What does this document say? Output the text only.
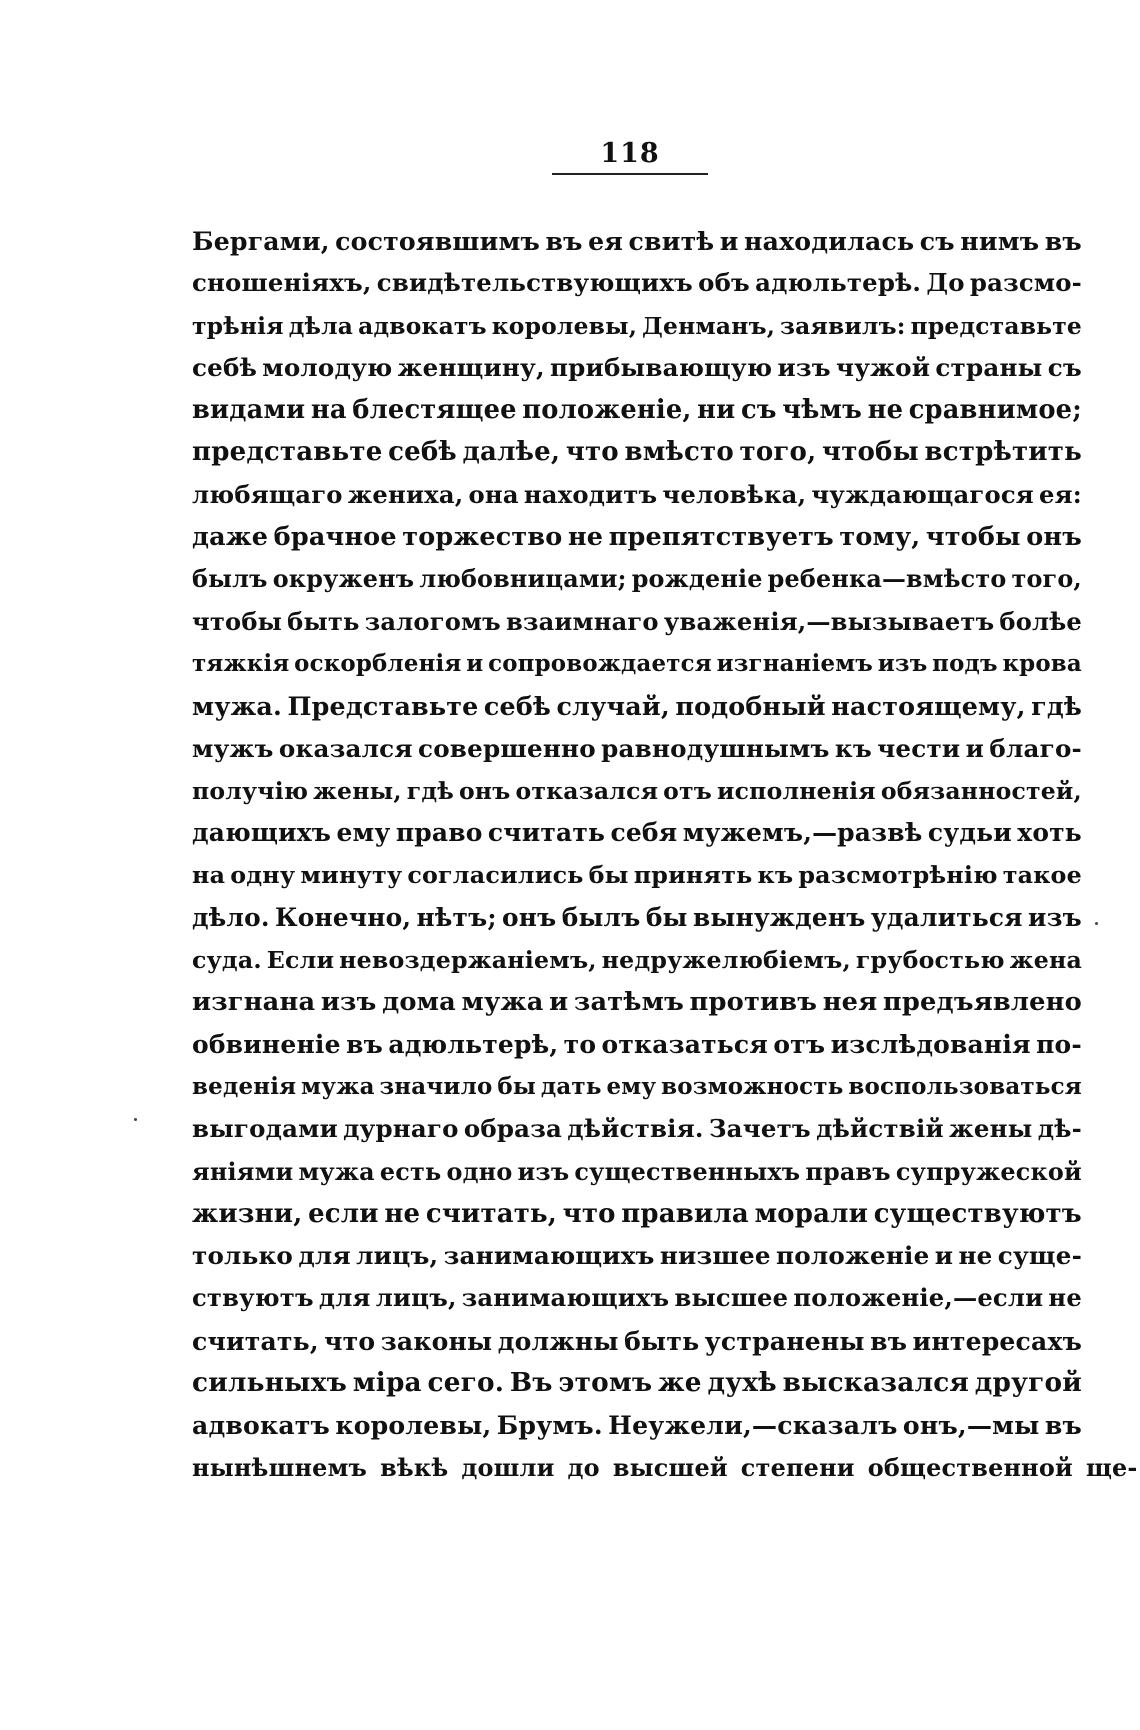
118
Бергами, состоявшимъ въ ея свитѣ и находилась съ нимъ въ
сношеніяхъ, свидѣтельствующихъ объ адюльтерѣ. До разсмо-
трѣнія дѣла адвокатъ королевы, Денманъ, заявилъ: представьте
себѣ молодую женщину, прибывающую изъ чужой страны съ
видами на блестящее положеніе, ни съ чѣмъ не сравнимое;
представьте себѣ далѣе, что вмѣсто того, чтобы встрѣтить
любящаго жениха, она находитъ человѣка, чуждающагося ея:
даже брачное торжество не препятствуетъ тому, чтобы онъ
былъ окруженъ любовницами; рожденіе ребенка—вмѣсто того,
чтобы быть залогомъ взаимнаго уваженія,—вызываетъ болѣе
тяжкія оскорбленія и сопровождается изгнаніемъ изъ подъ крова
мужа. Представьте себѣ случай, подобный настоящему, гдѣ
мужъ оказался совершенно равнодушнымъ къ чести и благо-
получію жены, гдѣ онъ отказался отъ исполненія обязанностей,
дающихъ ему право считать себя мужемъ,—развѣ судьи хоть
на одну минуту согласились бы принять къ разсмотрѣнію такое
дѣло. Конечно, нѣтъ; онъ былъ бы вынужденъ удалиться изъ
суда. Если невоздержаніемъ, недружелюбіемъ, грубостью жена
изгнана изъ дома мужа и затѣмъ противъ нея предъявлено
обвиненіе въ адюльтерѣ, то отказаться отъ изслѣдованія по-
веденія мужа значило бы дать ему возможность воспользоваться
выгодами дурнаго образа дѣйствія. Зачетъ дѣйствій жены дѣ-
яніями мужа есть одно изъ существенныхъ правъ супружеской
жизни, если не считать, что правила морали существуютъ
только для лицъ, занимающихъ низшее положеніе и не суще-
ствуютъ для лицъ, занимающихъ высшее положеніе,—если не
считать, что законы должны быть устранены въ интересахъ
сильныхъ міра сего. Въ этомъ же духѣ высказался другой
адвокатъ королевы, Брумъ. Неужели,—сказалъ онъ,—мы въ
нынѣшнемъ вѣкѣ дошли до высшей степени общественной ще-
